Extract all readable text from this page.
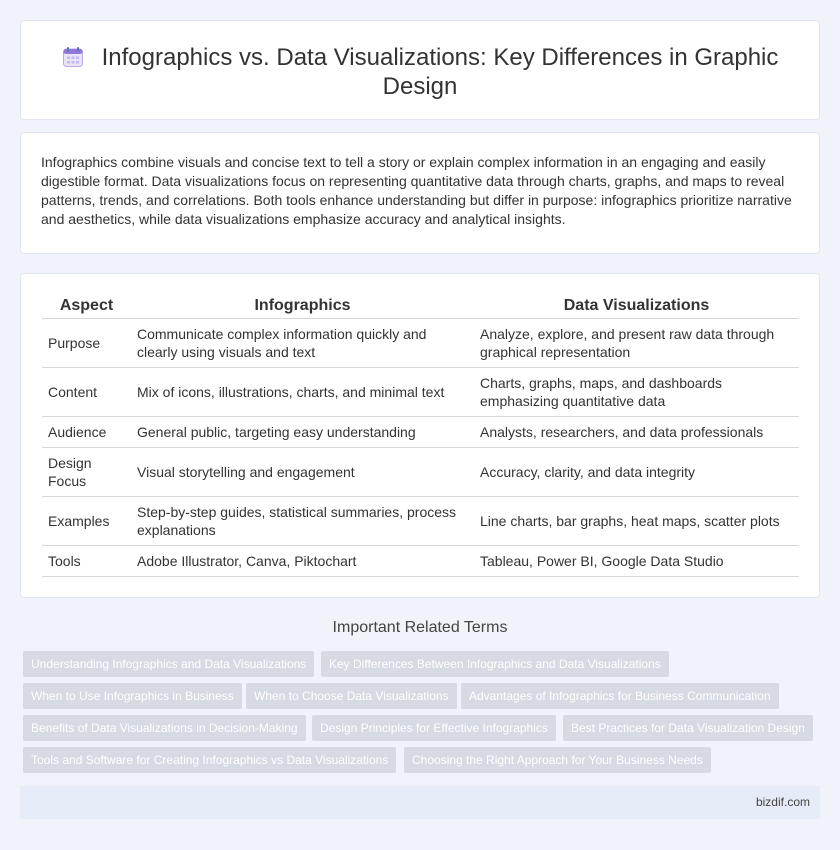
Infographics vs. Data Visualizations: Key Differences in Graphic Design

Infographics combine visuals and concise text to tell a story or explain complex information in an engaging and easily digestible format. Data visualizations focus on representing quantitative data through charts, graphs, and maps to reveal patterns, trends, and correlations. Both tools enhance understanding but differ in purpose: infographics prioritize narrative and aesthetics, while data visualizations emphasize accuracy and analytical insights.

Aspect	Infographics	Data Visualizations
Purpose	Communicate complex information quickly and clearly using visuals and text	Analyze, explore, and present raw data through graphical representation
Content	Mix of icons, illustrations, charts, and minimal text	Charts, graphs, maps, and dashboards emphasizing quantitative data
Audience	General public, targeting easy understanding	Analysts, researchers, and data professionals
Design Focus	Visual storytelling and engagement	Accuracy, clarity, and data integrity
Examples	Step-by-step guides, statistical summaries, process explanations	Line charts, bar graphs, heat maps, scatter plots
Tools	Adobe Illustrator, Canva, Piktochart	Tableau, Power BI, Google Data Studio
Important Related Terms
Understanding Infographics and Data Visualizations	Key Differences Between Infographics and Data Visualizations
When to Use Infographics in Business	When to Choose Data Visualizations	Advantages of Infographics for Business Communication
Benefits of Data Visualizations in Decision-Making	Design Principles for Effective Infographics	Best Practices for Data Visualization Design
Tools and Software for Creating Infographics vs Data Visualizations	Choosing the Right Approach for Your Business Needs
bizdif.com
